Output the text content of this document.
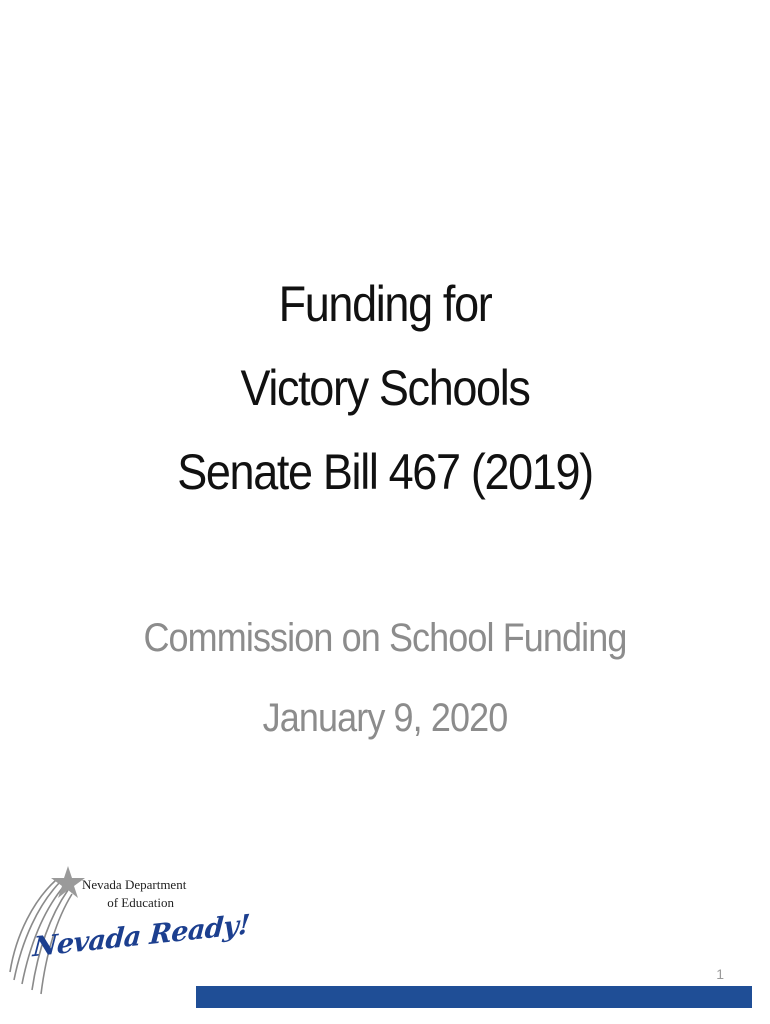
Funding for
Victory Schools
Senate Bill 467 (2019)
Commission on School Funding
January 9, 2020
Nevada Department
of Education
Nevada Ready!
1
